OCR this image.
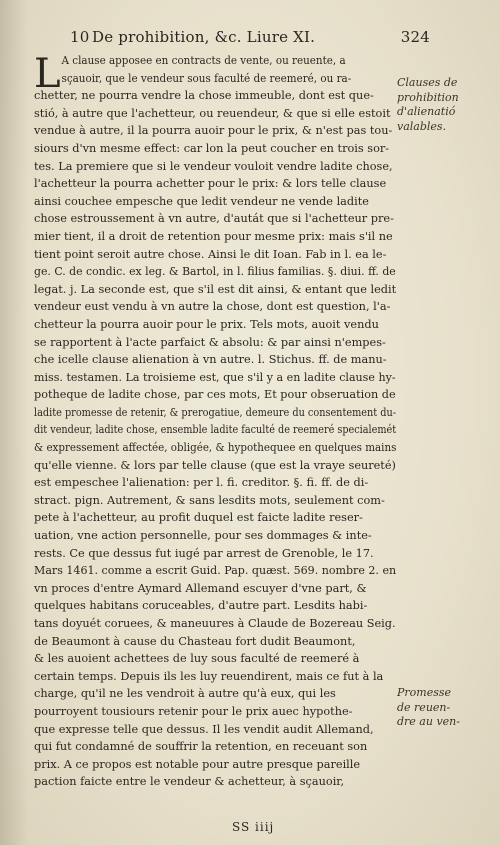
10 De prohibition, &c. Liure XI.	324
L A clause apposee en contracts de vente, ou reuente, a
sçauoir, que le vendeur sous faculté de reemeré, ou ra-
chetter, ne pourra vendre la chose immeuble, dont est que-
stió, à autre que l'achetteur, ou reuendeur, & que si elle estoit
vendue à autre, il la pourra auoir pour le prix, & n'est pas tou-
siours d'vn mesme effect: car lon la peut coucher en trois sor-
tes. La premiere que si le vendeur vouloit vendre ladite chose,
l'achetteur la pourra achetter pour le prix: & lors telle clause
ainsi couchee empesche que ledit vendeur ne vende ladite
chose estroussement à vn autre, d'autát que si l'achetteur pre-
mier tient, il a droit de retention pour mesme prix: mais s'il ne
tient point seroit autre chose. Ainsi le dit Ioan. Fab in l. ea le-
ge. C. de condic. ex leg. & Bartol, in l. filius familias. §. diui. ff. de
legat. j. La seconde est, que s'il est dit ainsi, & entant que ledit
vendeur eust vendu à vn autre la chose, dont est question, l'a-
chetteur la pourra auoir pour le prix. Tels mots, auoit vendu
se rapportent à l'acte parfaict & absolu: & par ainsi n'empes-
che icelle clause alienation à vn autre. l. Stichus. ff. de manu-
miss. testamen. La troisieme est, que s'il y a en ladite clause hy-
potheque de ladite chose, par ces mots, Et pour obseruation de
ladite promesse de retenir, & prerogatiue, demeure du consentement du-
dit vendeur, ladite chose, ensemble ladite faculté de reemeré specialemét
& expressement affectée, obligée, & hypothequee en quelques mains
qu'elle vienne. & lors par telle clause (que est la vraye seureté)
est empeschee l'alienation: per l. fi. creditor. §. fi. ff. de di-
stract. pign. Autrement, & sans lesdits mots, seulement com-
pete à l'achetteur, au profit duquel est faicte ladite reser-
uation, vne action personnelle, pour ses dommages & inte-
rests. Ce que dessus fut iugé par arrest de Grenoble, le 17.
Mars 1461. comme a escrit Guid. Pap. quæst. 569. nombre 2. en
vn proces d'entre Aymard Allemand escuyer d'vne part, &
quelques habitans coruceables, d'autre part. Lesdits habi-
tans doyuét coruees, & maneuures à Claude de Bozereau Seig.
de Beaumont à cause du Chasteau fort dudit Beaumont,
& les auoient achettees de luy sous faculté de reemeré à
certain temps. Depuis ils les luy reuendirent, mais ce fut à la
charge, qu'il ne les vendroit à autre qu'à eux, qui les
pourroyent tousiours retenir pour le prix auec hypothe-
que expresse telle que dessus. Il les vendit audit Allemand,
qui fut condamné de souffrir la retention, en receuant son
prix. A ce propos est notable pour autre presque pareille
paction faicte entre le vendeur & achetteur, à sçauoir,
Clauses de
prohibition
d'alienatió
valables.
Promesse
de reuen-
dre au ven-
SS iiij
